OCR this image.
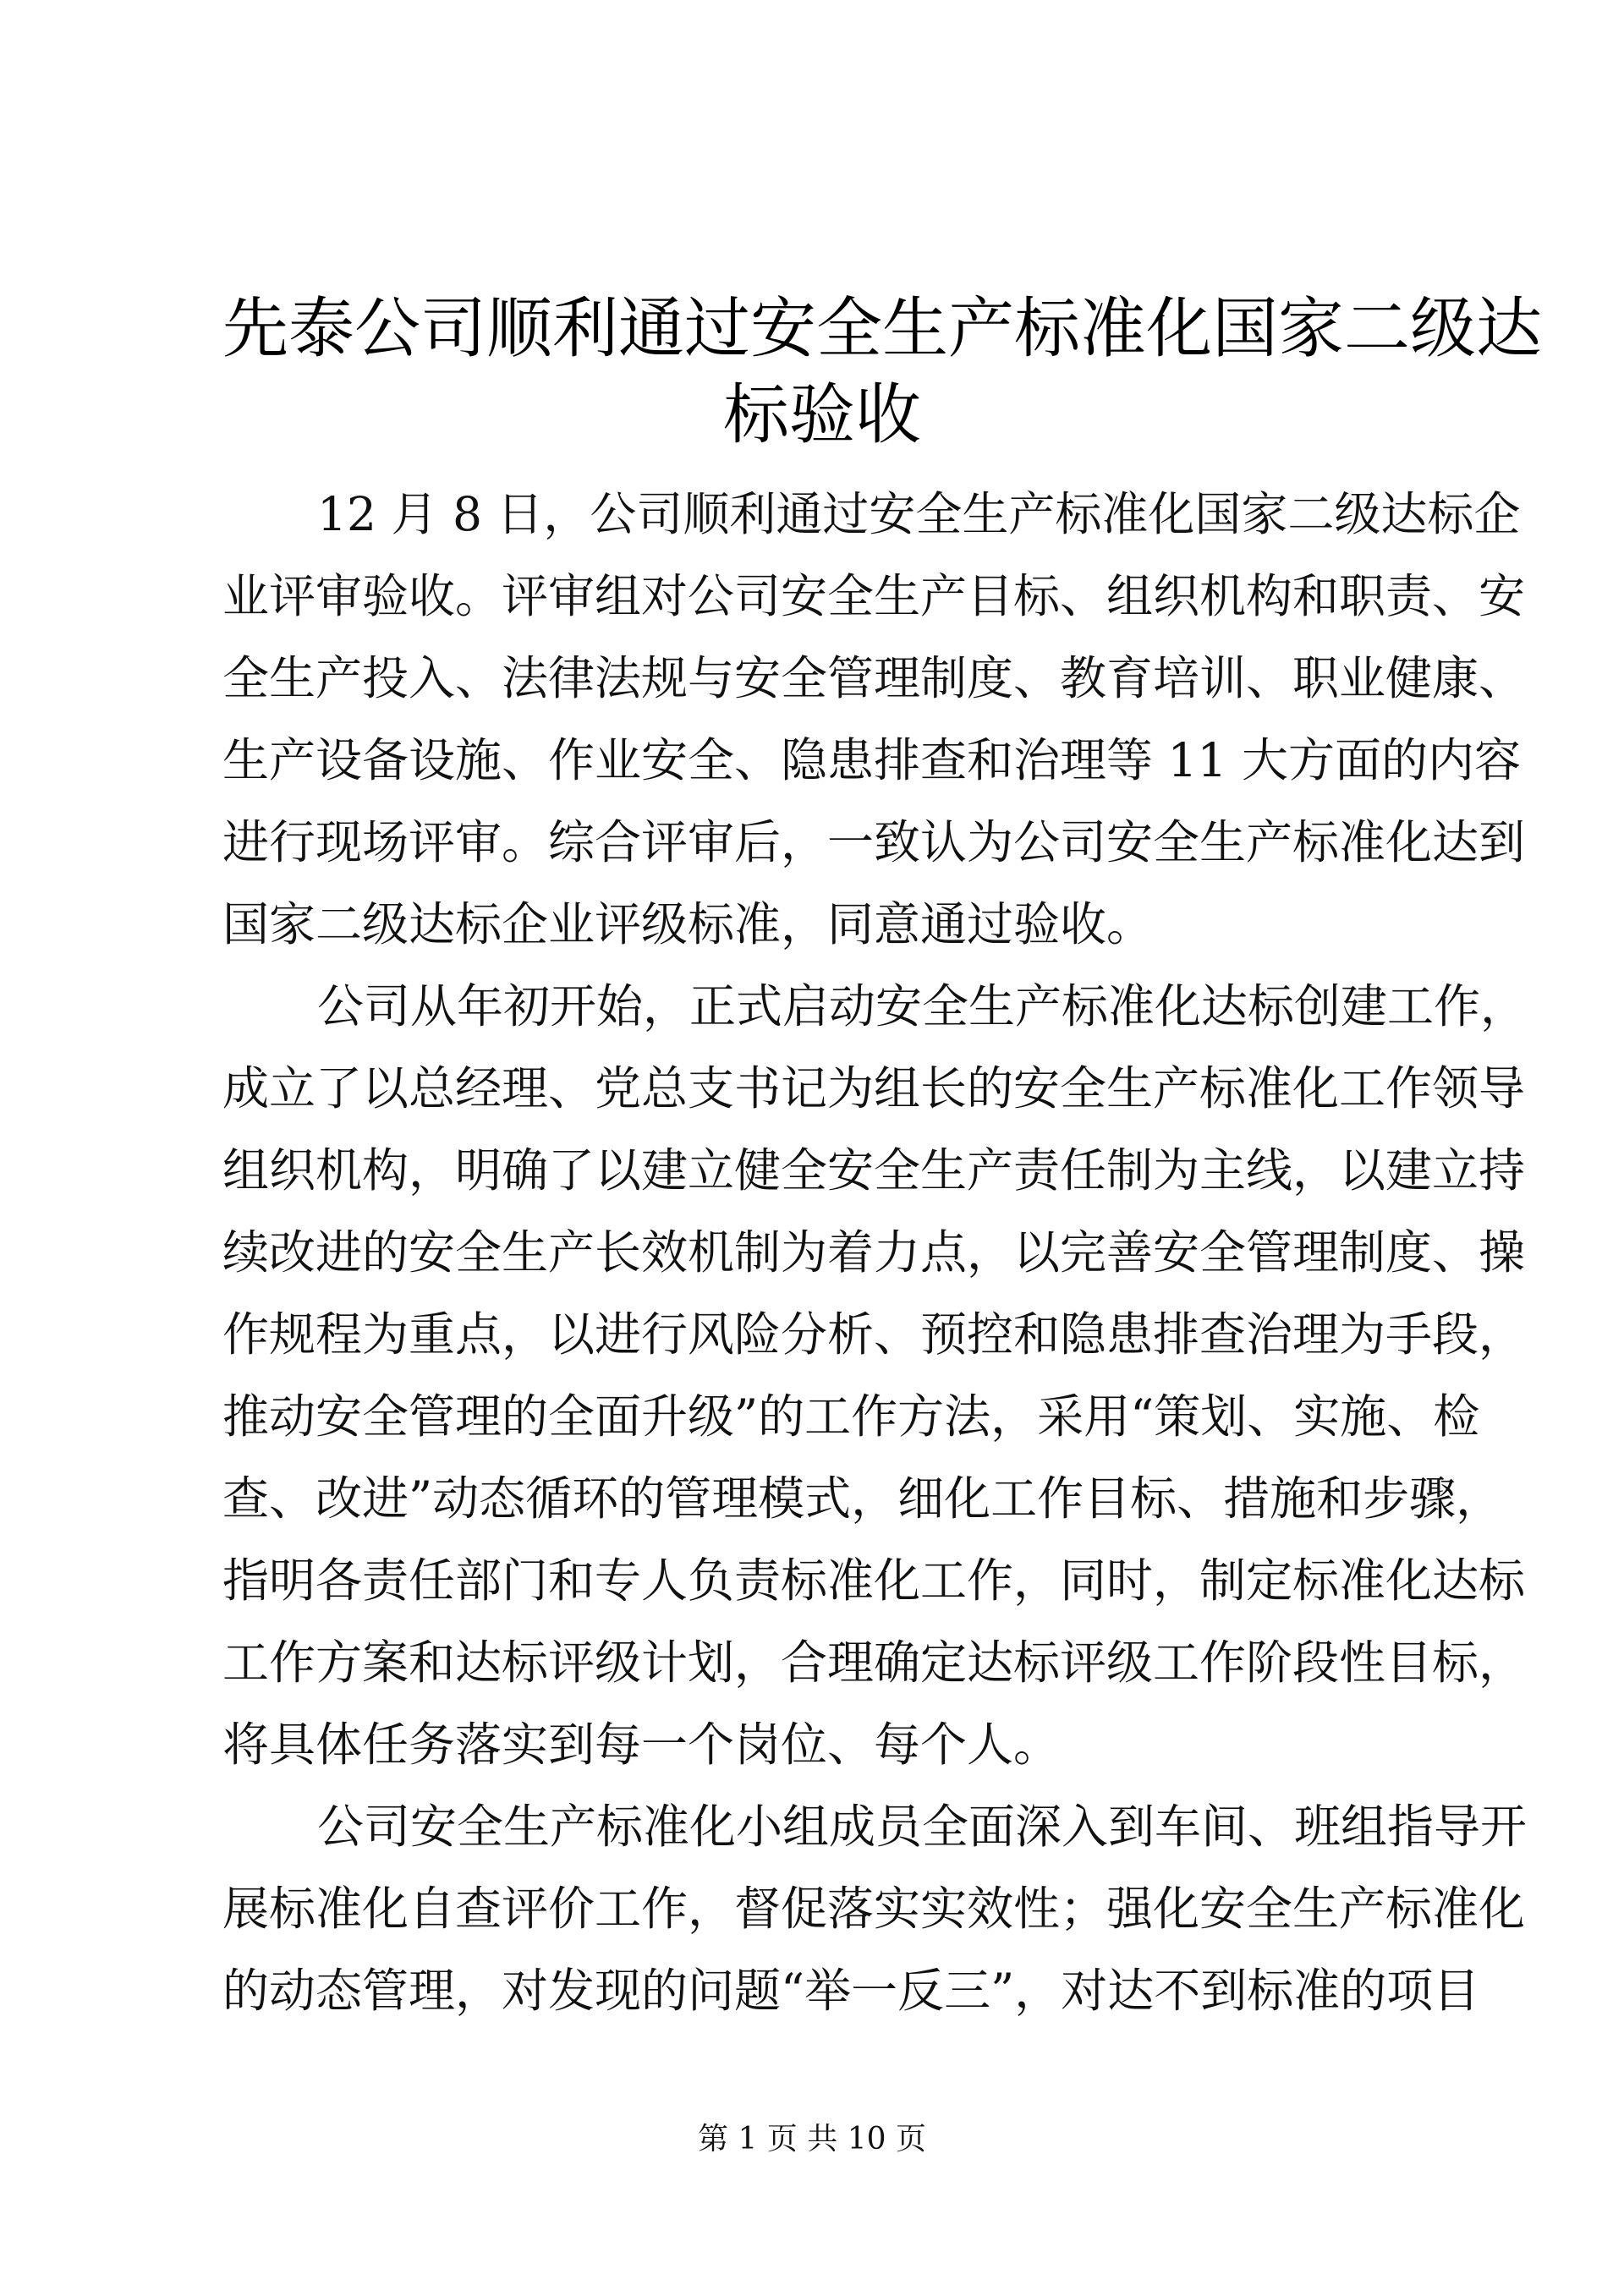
先泰公司顺利通过安全生产标准化国家二级达
标验收
12 月 8 日，公司顺利通过安全生产标准化国家二级达标企
业评审验收。评审组对公司安全生产目标、组织机构和职责、安
全生产投入、法律法规与安全管理制度、教育培训、职业健康、
生产设备设施、作业安全、隐患排查和治理等 11 大方面的内容
进行现场评审。综合评审后，一致认为公司安全生产标准化达到
国家二级达标企业评级标准，同意通过验收。
公司从年初开始，正式启动安全生产标准化达标创建工作，
成立了以总经理、党总支书记为组长的安全生产标准化工作领导
组织机构，明确了以建立健全安全生产责任制为主线，以建立持
续改进的安全生产长效机制为着力点，以完善安全管理制度、操
作规程为重点，以进行风险分析、预控和隐患排查治理为手段，
推动安全管理的全面升级”的工作方法，采用“策划、实施、检
查、改进”动态循环的管理模式，细化工作目标、措施和步骤，
指明各责任部门和专人负责标准化工作，同时，制定标准化达标
工作方案和达标评级计划，合理确定达标评级工作阶段性目标，
将具体任务落实到每一个岗位、每个人。
公司安全生产标准化小组成员全面深入到车间、班组指导开
展标准化自查评价工作，督促落实实效性；强化安全生产标准化
的动态管理，对发现的问题“举一反三”，对达不到标准的项目
第 1 页 共 10 页
